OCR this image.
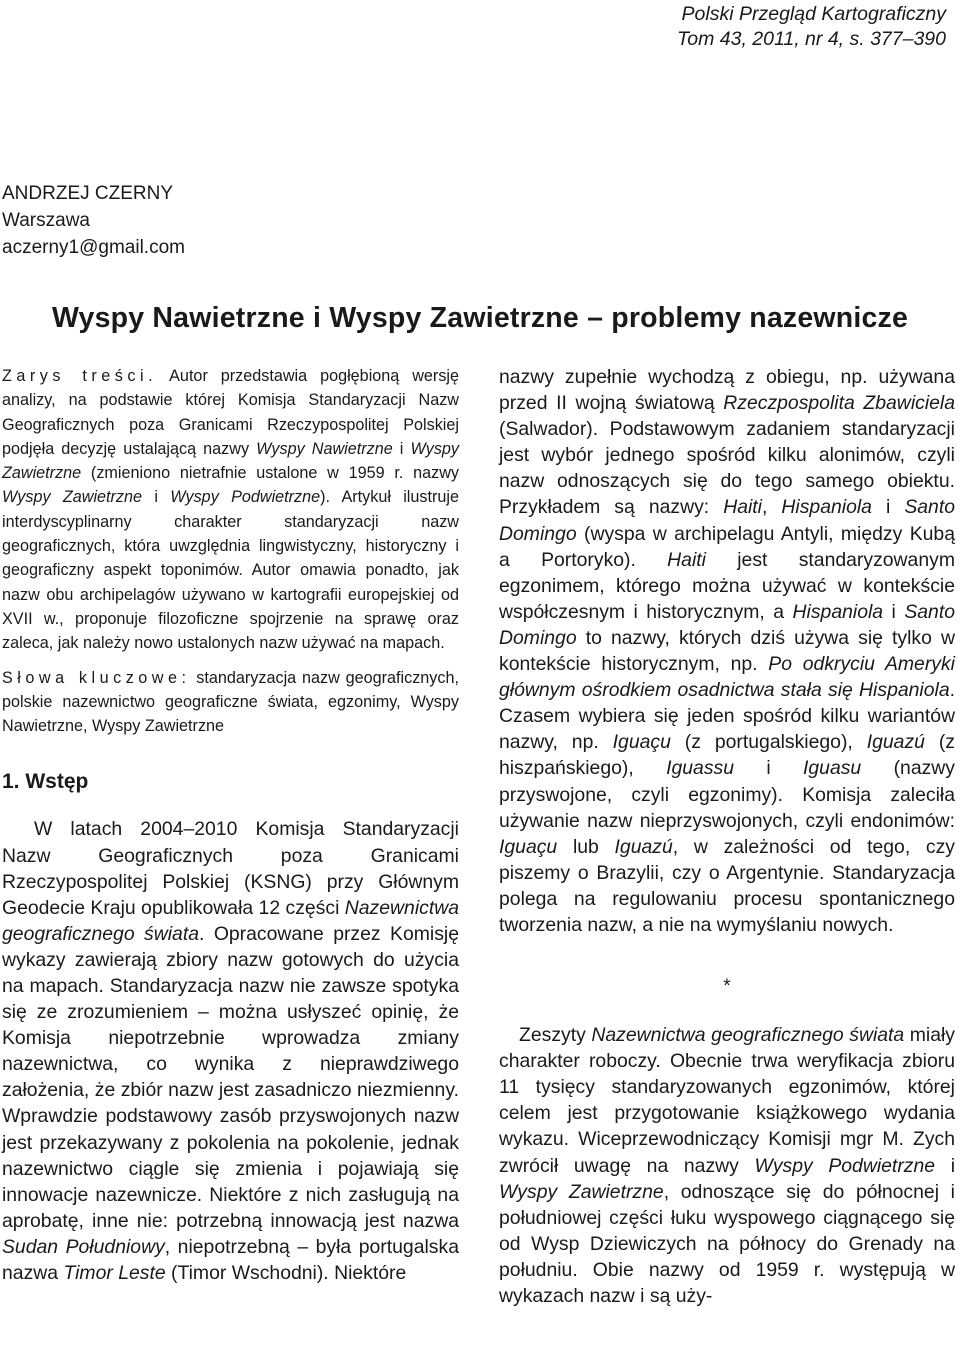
Polski Przegląd Kartograficzny
Tom 43, 2011, nr 4, s. 377–390
ANDRZEJ CZERNY
Warszawa
aczerny1@gmail.com
Wyspy Nawietrzne i Wyspy Zawietrzne – problemy nazewnicze

Zarys treści. Autor przedstawia pogłębioną wersję analizy, na podstawie której Komisja Standaryzacji Nazw Geograficznych poza Granicami Rzeczypospolitej Polskiej podjęła decyzję ustalającą nazwy Wyspy Nawietrzne i Wyspy Zawietrzne (zmieniono nietrafnie ustalone w 1959 r. nazwy Wyspy Zawietrzne i Wyspy Podwietrzne). Artykuł ilustruje interdyscyplinarny charakter standaryzacji nazw geograficznych, która uwzględnia lingwistyczny, historyczny i geograficzny aspekt toponimów. Autor omawia ponadto, jak nazw obu archipelagów używano w kartografii europejskiej od XVII w., proponuje filozoficzne spojrzenie na sprawę oraz zaleca, jak należy nowo ustalonych nazw używać na mapach.

Słowa kluczowe: standaryzacja nazw geograficznych, polskie nazewnictwo geograficzne świata, egzonimy, Wyspy Nawietrzne, Wyspy Zawietrzne

1. Wstęp

W latach 2004–2010 Komisja Standaryzacji Nazw Geograficznych poza Granicami Rzeczypospolitej Polskiej (KSNG) przy Głównym Geodecie Kraju opublikowała 12 części Nazewnictwa geograficznego świata. Opracowane przez Komisję wykazy zawierają zbiory nazw gotowych do użycia na mapach. Standaryzacja nazw nie zawsze spotyka się ze zrozumieniem – można usłyszeć opinię, że Komisja niepotrzebnie wprowadza zmiany nazewnictwa, co wynika z nieprawdziwego założenia, że zbiór nazw jest zasadniczo niezmienny. Wprawdzie podstawowy zasób przyswojonych nazw jest przekazywany z pokolenia na pokolenie, jednak nazewnictwo ciągle się zmienia i pojawiają się innowacje nazewnicze. Niektóre z nich zasługują na aprobatę, inne nie: potrzebną innowacją jest nazwa Sudan Południowy, niepotrzebną – była portugalska nazwa Timor Leste (Timor Wschodni). Niektóre

nazwy zupełnie wychodzą z obiegu, np. używana przed II wojną światową Rzeczpospolita Zbawiciela (Salwador). Podstawowym zadaniem standaryzacji jest wybór jednego spośród kilku alonimów, czyli nazw odnoszących się do tego samego obiektu. Przykładem są nazwy: Haiti, Hispaniola i Santo Domingo (wyspa w archipelagu Antyli, między Kubą a Portoryko). Haiti jest standaryzowanym egzonimem, którego można używać w kontekście współczesnym i historycznym, a Hispaniola i Santo Domingo to nazwy, których dziś używa się tylko w kontekście historycznym, np. Po odkryciu Ameryki głównym ośrodkiem osadnictwa stała się Hispaniola. Czasem wybiera się jeden spośród kilku wariantów nazwy, np. Iguaçu (z portugalskiego), Iguazú (z hiszpańskiego), Iguassu i Iguasu (nazwy przyswojone, czyli egzonimy). Komisja zaleciła używanie nazw nieprzyswojonych, czyli endonimów: Iguaçu lub Iguazú, w zależności od tego, czy piszemy o Brazylii, czy o Argentynie. Standaryzacja polega na regulowaniu procesu spontanicznego tworzenia nazw, a nie na wymyślaniu nowych.

*

Zeszyty Nazewnictwa geograficznego świata miały charakter roboczy. Obecnie trwa weryfikacja zbioru 11 tysięcy standaryzowanych egzonimów, której celem jest przygotowanie książkowego wydania wykazu. Wiceprzewodniczący Komisji mgr M. Zych zwrócił uwagę na nazwy Wyspy Podwietrzne i Wyspy Zawietrzne, odnoszące się do północnej i południowej części łuku wyspowego ciągnącego się od Wysp Dziewiczych na północy do Grenady na południu. Obie nazwy od 1959 r. występują w wykazach nazw i są uży-
